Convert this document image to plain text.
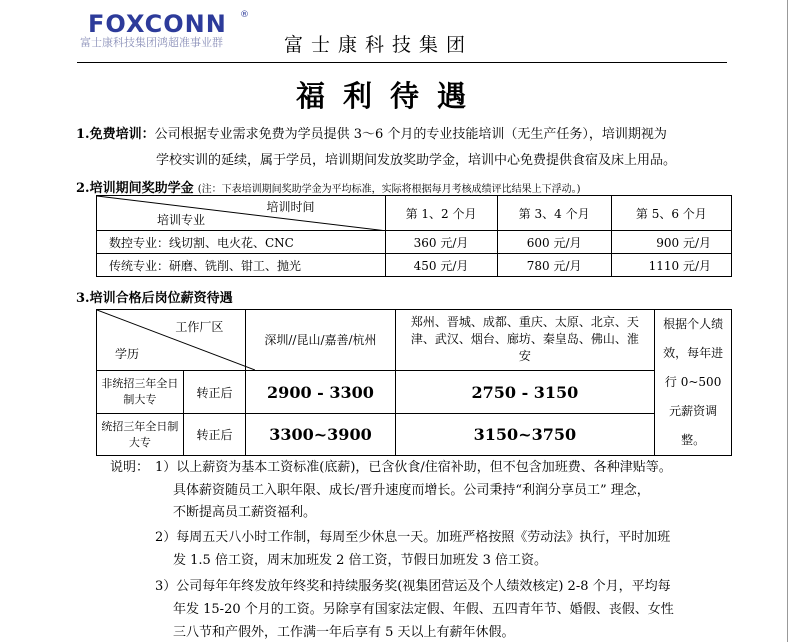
FOXCONN ®
富士康科技集团鸿超准事业群	富士康科技集团
福利待遇
1.免费培训：公司根据专业需求免费为学员提供 3～6 个月的专业技能培训（无生产任务），培训期视为
学校实训的延续，属于学员，培训期间发放奖助学金，培训中心免费提供食宿及床上用品。
2.培训期间奖助学金 (注：下表培训期间奖助学金为平均标准，实际将根据每月考核成绩评比结果上下浮动。)
培训时间
培训专业	第 1、2 个月	第 3、4 个月	第 5、6 个月
数控专业：线切割、电火花、CNC	360 元/月	600 元/月	900 元/月
传统专业：研磨、铣削、钳工、抛光	450 元/月	780 元/月	1110 元/月
3.培训合格后岗位薪资待遇
工作厂区
学历		深圳//昆山/嘉善/杭州	郑州、晋城、成都、重庆、太原、北京、天津、武汉、烟台、廊坊、秦皇岛、佛山、淮安	根据个人绩效，每年进行 0~500 元薪资调整。
非统招三年全日制大专	转正后	2900 - 3300	2750 - 3150	
统招三年全日制大专	转正后	3300~3900	3150~3750	
说明： 1）以上薪资为基本工资标准(底薪)，已含伙食/住宿补助，但不包含加班费、各种津贴等。
具体薪资随员工入职年限、成长/晋升速度而增长。公司秉持“利润分享员工” 理念，
不断提高员工薪资福利。
2）每周五天八小时工作制，每周至少休息一天。加班严格按照《劳动法》执行，平时加班
发 1.5 倍工资，周末加班发 2 倍工资，节假日加班发 3 倍工资。
3）公司每年年终发放年终奖和持续服务奖(视集团营运及个人绩效核定) 2-8 个月，平均每
年发 15-20 个月的工资。另除享有国家法定假、年假、五四青年节、婚假、丧假、女性
三八节和产假外，工作满一年后享有 5 天以上有薪年休假。
